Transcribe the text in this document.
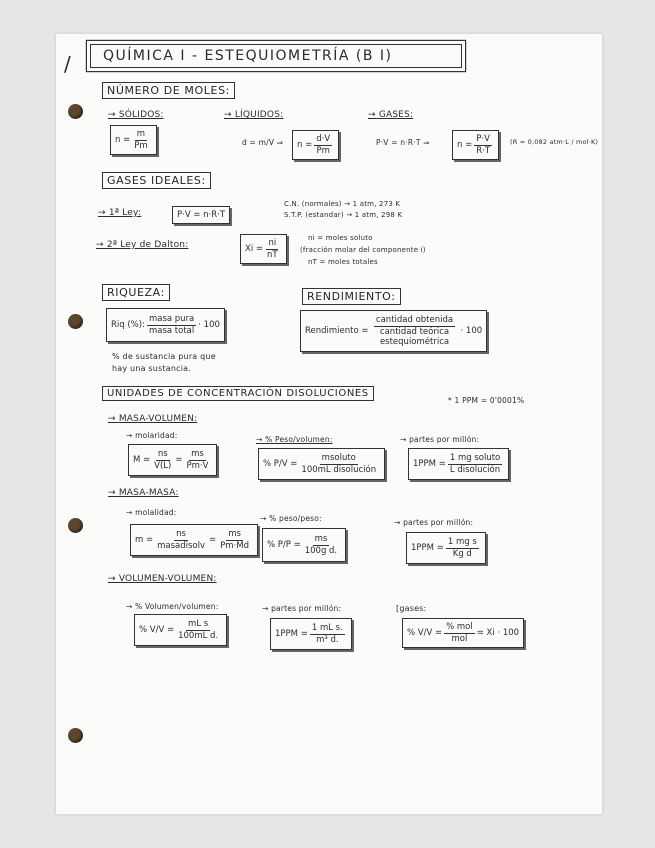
/ QUÍMICA I - ESTEQUIOMETRÍA (B I)
NÚMERO DE MOLES:
→ SÓLIDOS:
$n = \frac{m}{Pm}$
→ LÍQUIDOS:
d = m/V ⇒ $n = \frac{d\cdot V}{Pm}$
→ GASES:
P·V = n·R·T ⇒	$n = \frac{P\cdot V}{R\cdot T}$	(R = 0,082 atm·L / mol·K)
GASES IDEALES:
→ 1ª Ley:	P·V = n·R·T
C.N. (normales) → 1 atm, 273 K
S.T.P. (estandar) → 1 atm, 298 K
→ 2ª Ley de Dalton:	$Xi = \frac{ni}{nT}$	ni = moles soluto
(fracción molar del componente i)
nT = moles totales
RIQUEZA:
Riq (%): $\frac{\text{masa pura}}{\text{masa total}} \cdot 100$
% de sustancia pura que
hay una sustancia.
RENDIMIENTO:
Rendimiento = $\frac{\text{cantidad obtenida}}{\text{cantidad teórica estequiométrica}} \cdot 100$
UNIDADES DE CONCENTRACIÓN DISOLUCIONES
* 1 PPM = 0'0001%
→ MASA-VOLUMEN:
→ molaridad:
$M = \frac{ns}{V(L)} = \frac{ms}{Pm\cdot V}$
→ % Peso/volumen:
% $P/V = \frac{\text{msoluto}}{\text{100mL disolución}}$
→ partes por millón:
$1PPM = \frac{\text{1 mg soluto}}{\text{L disolución}}$
→ MASA-MASA:
→ molalidad:
$m = \frac{ns}{\text{masadisolv}} = \frac{ms}{Pm\cdot Md}$
→ % peso/peso:
% $P/P = \frac{ms}{\text{100g d.}}$
→ partes por millón:
$1PPM = \frac{\text{1 mg s}}{\text{Kg d}}$
→ VOLUMEN-VOLUMEN:
→ % Volumen/volumen:
% $V/V = \frac{\text{mL s}}{\text{100mL d.}}$
→ partes por millón:
$1PPM = \frac{\text{1 mL s.}}{\text{m³ d.}}$
[gases:
% $V/V = \frac{\text{\% mol}}{\text{mol}} = Xi \cdot 100$
